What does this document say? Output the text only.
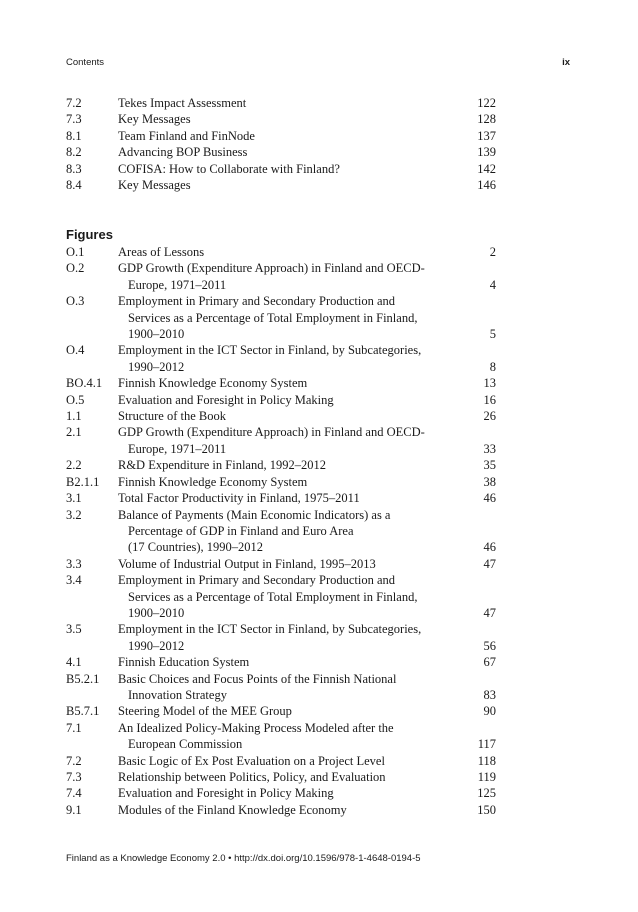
Contents	ix
7.2	Tekes Impact Assessment	122
7.3	Key Messages	128
8.1	Team Finland and FinNode	137
8.2	Advancing BOP Business	139
8.3	COFISA: How to Collaborate with Finland?	142
8.4	Key Messages	146
Figures
O.1	Areas of Lessons	2
O.2	GDP Growth (Expenditure Approach) in Finland and OECD-
Europe, 1971–2011	4
O.3	Employment in Primary and Secondary Production and
Services as a Percentage of Total Employment in Finland,
1900–2010	5
O.4	Employment in the ICT Sector in Finland, by Subcategories,
1990–2012	8
BO.4.1 Finnish Knowledge Economy System	13
O.5	Evaluation and Foresight in Policy Making	16
1.1	Structure of the Book	26
2.1	GDP Growth (Expenditure Approach) in Finland and OECD-
Europe, 1971–2011	33
2.2	R&D Expenditure in Finland, 1992–2012	35
B2.1.1 Finnish Knowledge Economy System	38
3.1	Total Factor Productivity in Finland, 1975–2011	46
3.2	Balance of Payments (Main Economic Indicators) as a
Percentage of GDP in Finland and Euro Area
(17 Countries), 1990–2012	46
3.3	Volume of Industrial Output in Finland, 1995–2013	47
3.4	Employment in Primary and Secondary Production and
Services as a Percentage of Total Employment in Finland,
1900–2010	47
3.5	Employment in the ICT Sector in Finland, by Subcategories,
1990–2012	56
4.1	Finnish Education System	67
B5.2.1 Basic Choices and Focus Points of the Finnish National
Innovation Strategy	83
B5.7.1 Steering Model of the MEE Group	90
7.1	An Idealized Policy-Making Process Modeled after the
European Commission	117
7.2	Basic Logic of Ex Post Evaluation on a Project Level	118
7.3	Relationship between Politics, Policy, and Evaluation	119
7.4	Evaluation and Foresight in Policy Making	125
9.1	Modules of the Finland Knowledge Economy	150
Finland as a Knowledge Economy 2.0 • http://dx.doi.org/10.1596/978-1-4648-0194-5
